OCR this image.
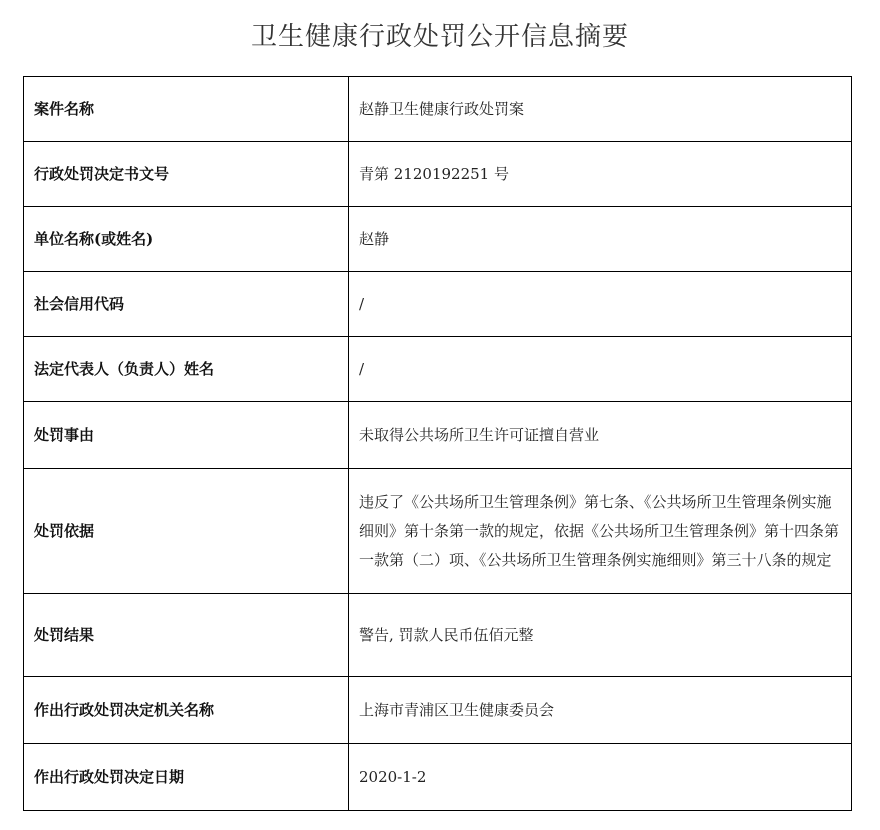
卫生健康行政处罚公开信息摘要
案件名称	赵静卫生健康行政处罚案
行政处罚决定书文号	青第 2120192251 号
单位名称(或姓名)	赵静
社会信用代码	/
法定代表人（负责人）姓名	/
处罚事由	未取得公共场所卫生许可证擅自营业
处罚依据	违反了《公共场所卫生管理条例》第七条、《公共场所卫生管理条例实施细则》第十条第一款的规定，依据《公共场所卫生管理条例》第十四条第一款第（二）项、《公共场所卫生管理条例实施细则》第三十八条的规定
处罚结果	警告, 罚款人民币伍佰元整
作出行政处罚决定机关名称	上海市青浦区卫生健康委员会
作出行政处罚决定日期	2020-1-2
